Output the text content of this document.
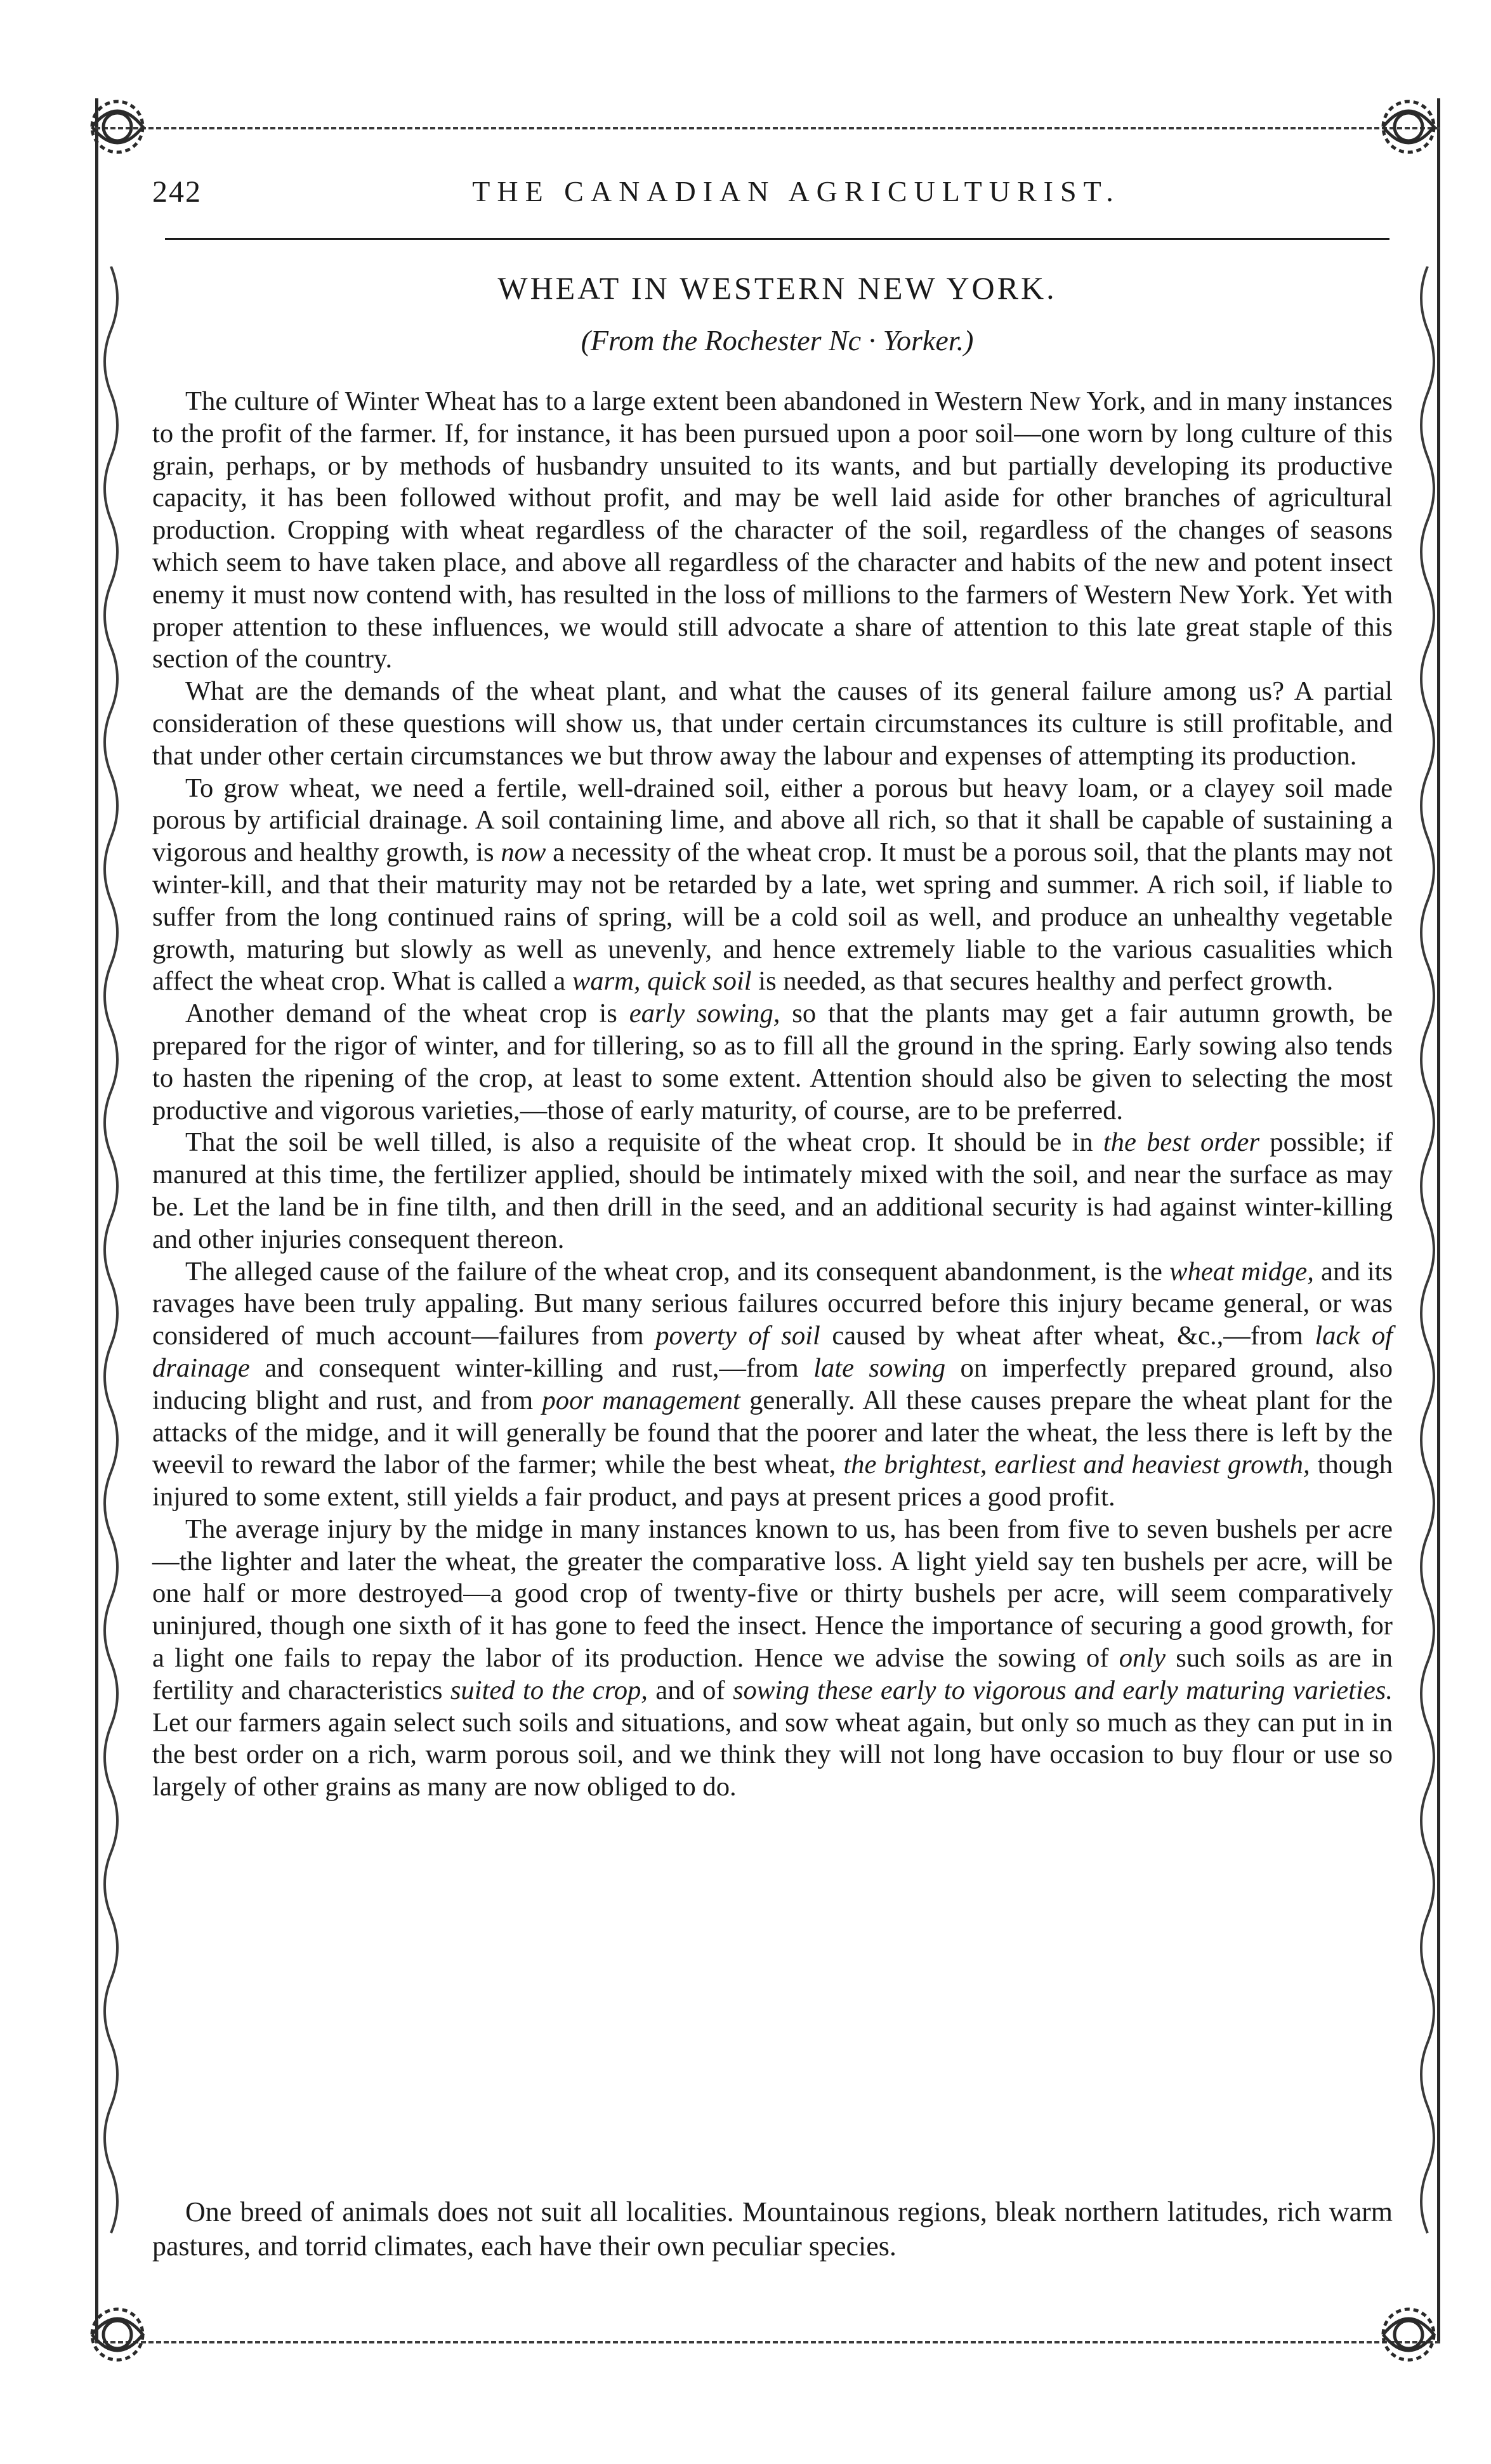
242	THE CANADIAN AGRICULTURIST.
WHEAT IN WESTERN NEW YORK.
(From the Rochester Nc · Yorker.)

The culture of Winter Wheat has to a large extent been abandoned in Western New York, and in many instances to the profit of the farmer. If, for instance, it has been pursued upon a poor soil—one worn by long culture of this grain, perhaps, or by methods of husbandry unsuited to its wants, and but partially developing its productive capacity, it has been followed without profit, and may be well laid aside for other branches of agricultural production. Cropping with wheat regardless of the character of the soil, regardless of the changes of seasons which seem to have taken place, and above all regardless of the character and habits of the new and potent insect enemy it must now contend with, has resulted in the loss of millions to the farmers of Western New York. Yet with proper attention to these influences, we would still advocate a share of attention to this late great staple of this section of the country.

What are the demands of the wheat plant, and what the causes of its general failure among us? A partial consideration of these questions will show us, that under certain circumstances its culture is still profitable, and that under other certain circumstances we but throw away the labour and expenses of attempting its production.

To grow wheat, we need a fertile, well-drained soil, either a porous but heavy loam, or a clayey soil made porous by artificial drainage. A soil containing lime, and above all rich, so that it shall be capable of sustaining a vigorous and healthy growth, is now a necessity of the wheat crop. It must be a porous soil, that the plants may not winter-kill, and that their maturity may not be retarded by a late, wet spring and summer. A rich soil, if liable to suffer from the long continued rains of spring, will be a cold soil as well, and produce an unhealthy vegetable growth, maturing but slowly as well as unevenly, and hence extremely liable to the various casualities which affect the wheat crop. What is called a warm, quick soil is needed, as that secures healthy and perfect growth.

Another demand of the wheat crop is early sowing, so that the plants may get a fair autumn growth, be prepared for the rigor of winter, and for tillering, so as to fill all the ground in the spring. Early sowing also tends to hasten the ripening of the crop, at least to some extent. Attention should also be given to selecting the most productive and vigorous varieties,—those of early maturity, of course, are to be preferred.

That the soil be well tilled, is also a requisite of the wheat crop. It should be in the best order possible; if manured at this time, the fertilizer applied, should be intimately mixed with the soil, and near the surface as may be. Let the land be in fine tilth, and then drill in the seed, and an additional security is had against winter-killing and other injuries consequent thereon.

The alleged cause of the failure of the wheat crop, and its consequent abandonment, is the wheat midge, and its ravages have been truly appaling. But many serious failures occurred before this injury became general, or was considered of much account—failures from poverty of soil caused by wheat after wheat, &c.,—from lack of drainage and consequent winter-killing and rust,—from late sowing on imperfectly prepared ground, also inducing blight and rust, and from poor management generally. All these causes prepare the wheat plant for the attacks of the midge, and it will generally be found that the poorer and later the wheat, the less there is left by the weevil to reward the labor of the farmer; while the best wheat, the brightest, earliest and heaviest growth, though injured to some extent, still yields a fair product, and pays at present prices a good profit.

The average injury by the midge in many instances known to us, has been from five to seven bushels per acre—the lighter and later the wheat, the greater the comparative loss. A light yield say ten bushels per acre, will be one half or more destroyed—a good crop of twenty-five or thirty bushels per acre, will seem comparatively uninjured, though one sixth of it has gone to feed the insect. Hence the importance of securing a good growth, for a light one fails to repay the labor of its production. Hence we advise the sowing of only such soils as are in fertility and characteristics suited to the crop, and of sowing these early to vigorous and early maturing varieties. Let our farmers again select such soils and situations, and sow wheat again, but only so much as they can put in in the best order on a rich, warm porous soil, and we think they will not long have occasion to buy flour or use so largely of other grains as many are now obliged to do.

One breed of animals does not suit all localities. Mountainous regions, bleak northern latitudes, rich warm pastures, and torrid climates, each have their own peculiar species.
